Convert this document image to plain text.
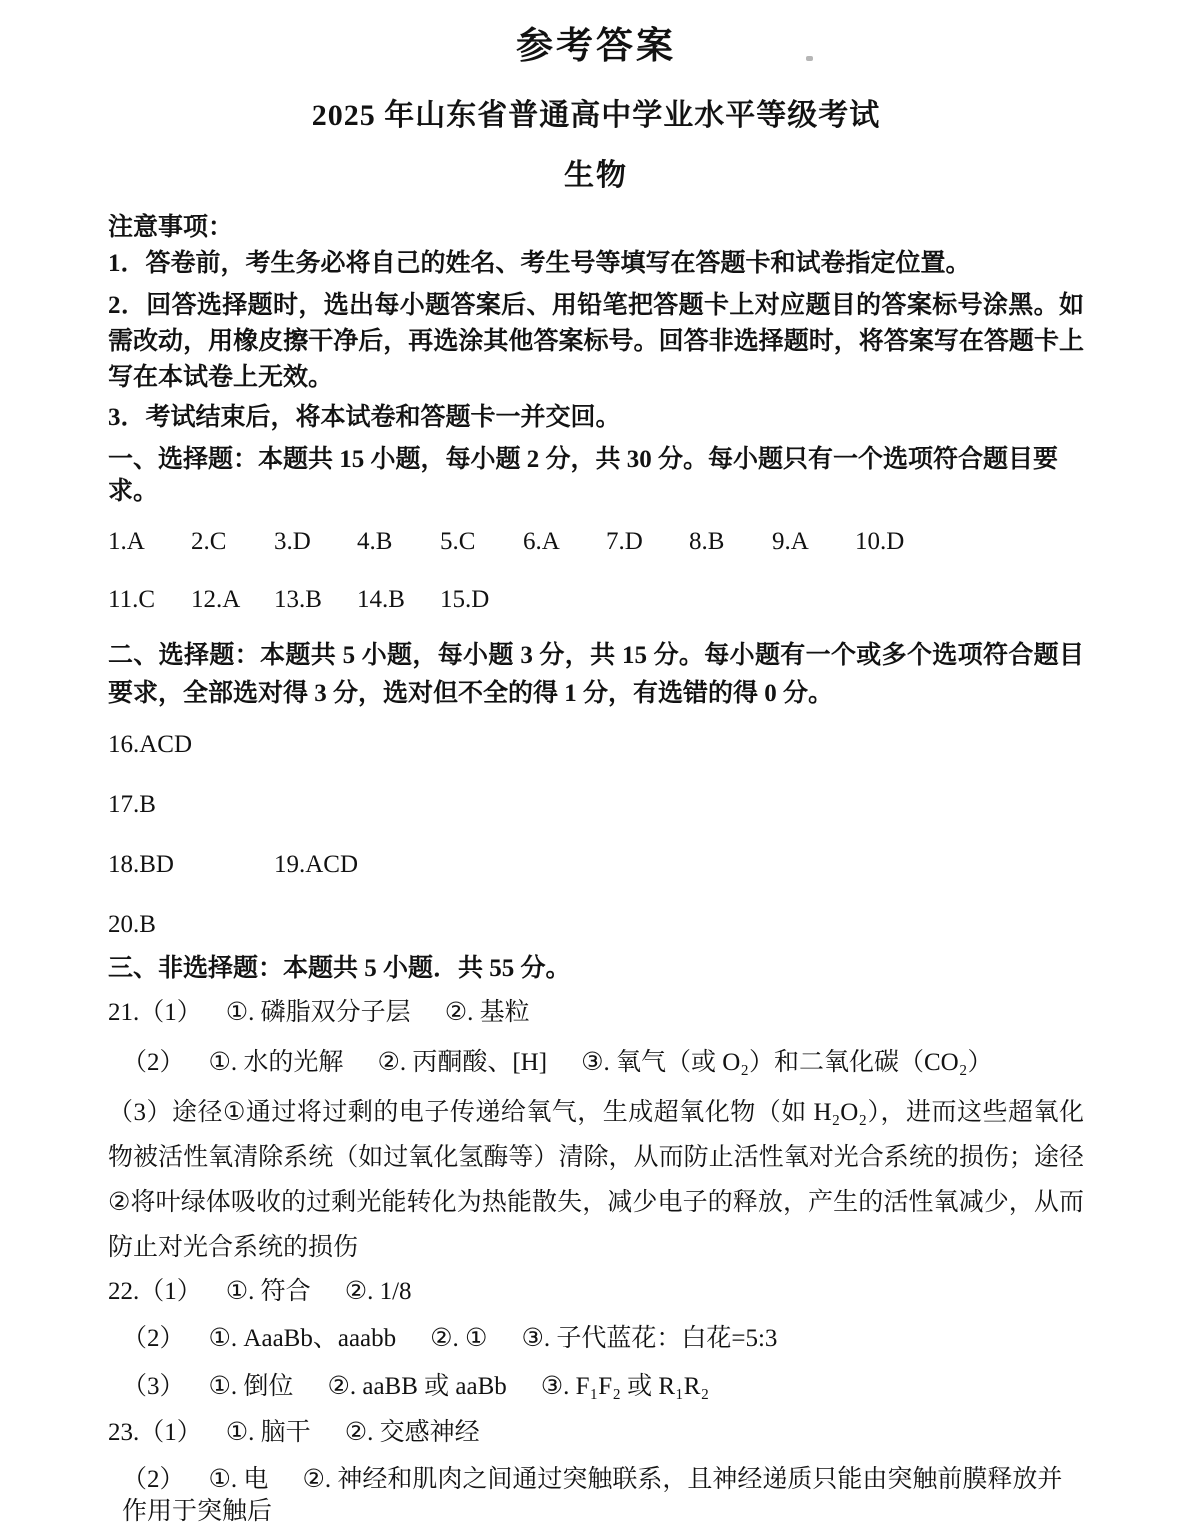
参考答案
2025 年山东省普通高中学业水平等级考试
生物

注意事项：

1．答卷前，考生务必将自己的姓名、考生号等填写在答题卡和试卷指定位置。

2．回答选择题时，选出每小题答案后、用铅笔把答题卡上对应题目的答案标号涂黑。如需改动，用橡皮擦干净后，再选涂其他答案标号。回答非选择题时，将答案写在答题卡上写在本试卷上无效。

3．考试结束后，将本试卷和答题卡一并交回。

一、选择题：本题共 15 小题，每小题 2 分，共 30 分。每小题只有一个选项符合题目要求。

1.A 2.C 3.D 4.B 5.C 6.A 7.D 8.B 9.A 10.D
11.C 12.A 13.B 14.B 15.D

二、选择题：本题共 5 小题，每小题 3 分，共 15 分。每小题有一个或多个选项符合题目要求，全部选对得 3 分，选对但不全的得 1 分，有选错的得 0 分。

16.ACD
17.B
18.BD	19.ACD
20.B

三、非选择题：本题共 5 小题．共 55 分。

21.（1） ①. 磷脂双分子层 ②. 基粒
（2） ①. 水的光解 ②. 丙酮酸、[H] ③. 氧气（或 O₂）和二氧化碳（CO₂）

（3）途径①通过将过剩的电子传递给氧气，生成超氧化物（如 H₂O₂），进而这些超氧化物被活性氧清除系统（如过氧化氢酶等）清除，从而防止活性氧对光合系统的损伤；途径②将叶绿体吸收的过剩光能转化为热能散失，减少电子的释放，产生的活性氧减少，从而防止对光合系统的损伤

22.（1） ①. 符合 ②. 1/8
（2） ①. AaaBb、aaabb ②. ① ③. 子代蓝花：白花=5:3
（3） ①. 倒位 ②. aaBB 或 aaBb ③. F₁F₂ 或 R₁R₂
23.（1） ①. 脑干 ②. 交感神经
（2） ①. 电 ②. 神经和肌肉之间通过突触联系，且神经递质只能由突触前膜释放并作用于突触后
